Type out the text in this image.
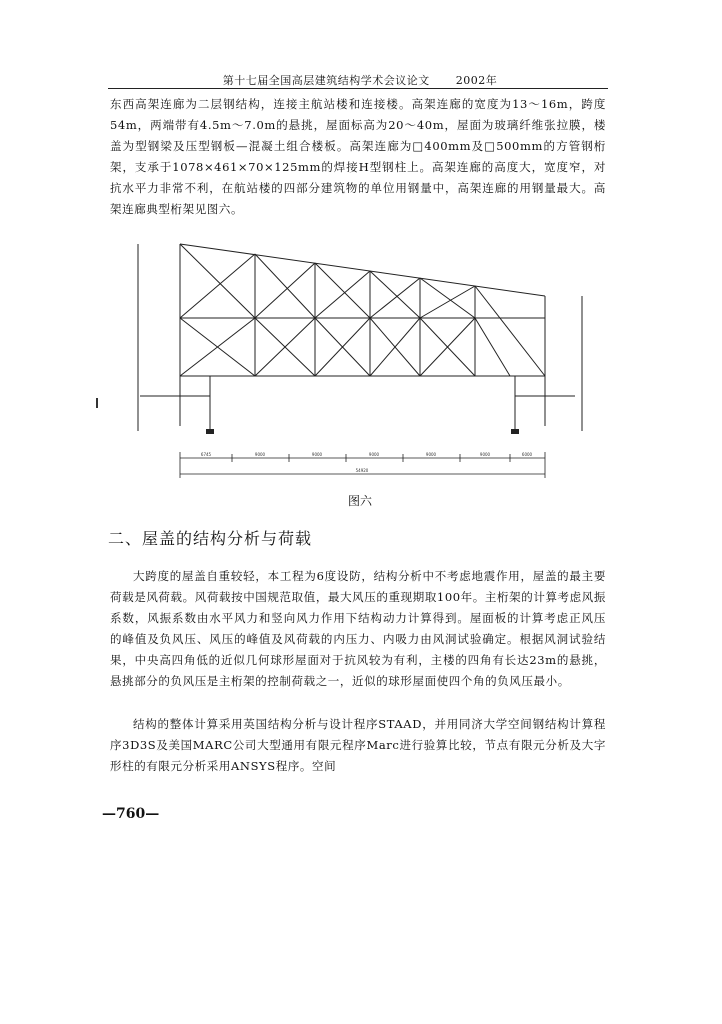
第十七届全国高层建筑结构学术会议论文 2002年
东西高架连廊为二层钢结构，连接主航站楼和连接楼。高架连廊的宽度为13～16m，跨度54m，两端带有4.5m～7.0m的悬挑，屋面标高为20～40m，屋面为玻璃纤维张拉膜，楼盖为型钢梁及压型钢板—混凝土组合楼板。高架连廊为□400mm及□500mm的方管钢桁架，支承于1078×461×70×125mm的焊接H型钢柱上。高架连廊的高度大，宽度窄，对抗水平力非常不利，在航站楼的四部分建筑物的单位用钢量中，高架连廊的用钢量最大。高架连廊典型桁架见图六。
6745	9000	9000	9000	9000	9000	6000
54920
图六
二、屋盖的结构分析与荷载
大跨度的屋盖自重较轻，本工程为6度设防，结构分析中不考虑地震作用，屋盖的最主要荷载是风荷载。风荷载按中国规范取值，最大风压的重现期取100年。主桁架的计算考虑风振系数，风振系数由水平风力和竖向风力作用下结构动力计算得到。屋面板的计算考虑正风压的峰值及负风压、风压的峰值及风荷载的内压力、内吸力由风洞试验确定。根据风洞试验结果，中央高四角低的近似几何球形屋面对于抗风较为有利，主楼的四角有长达23m的悬挑，悬挑部分的负风压是主桁架的控制荷载之一，近似的球形屋面使四个角的负风压最小。
结构的整体计算采用英国结构分析与设计程序STAAD，并用同济大学空间钢结构计算程序3D3S及美国MARC公司大型通用有限元程序Marc进行验算比较，节点有限元分析及大字形柱的有限元分析采用ANSYS程序。空间
—760—
